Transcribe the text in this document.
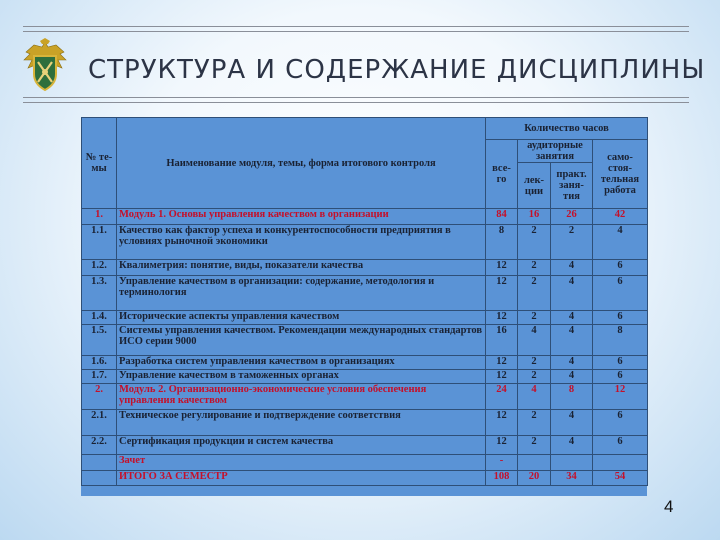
СТРУКТУРА И СОДЕРЖАНИЕ ДИСЦИПЛИНЫ
№ те- мы	Наименование модуля, темы, форма итогового контроля	Количество часов			
		все- го	аудиторные занятия		само- стоя- тельная работа
			лек- ции	практ. заня- тия	
1.	Модуль 1. Основы управления качеством в организации	84	16	26	42
1.1.	Качество как фактор успеха и конкурентоспособности предприятия в условиях рыночной экономики	8	2	2	4
1.2.	Квалиметрия: понятие, виды, показатели качества	12	2	4	6
1.3.	Управление качеством в организации: содержание, методология и терминология	12	2	4	6
1.4.	Исторические аспекты управления качеством	12	2	4	6
1.5.	Системы управления качеством. Рекомендации международных стандартов ИСО серии 9000	16	4	4	8
1.6.	Разработка систем управления качеством в организациях	12	2	4	6
1.7.	Управление качеством в таможенных органах	12	2	4	6
2.	Модуль 2. Организационно-экономические условия обеспечения управления качеством	24	4	8	12
2.1.	Техническое регулирование и подтверждение соответствия	12	2	4	6
2.2.	Сертификация продукции и систем качества	12	2	4	6
	Зачет	-			
	ИТОГО ЗА СЕМЕСТР	108	20	34	54
4
